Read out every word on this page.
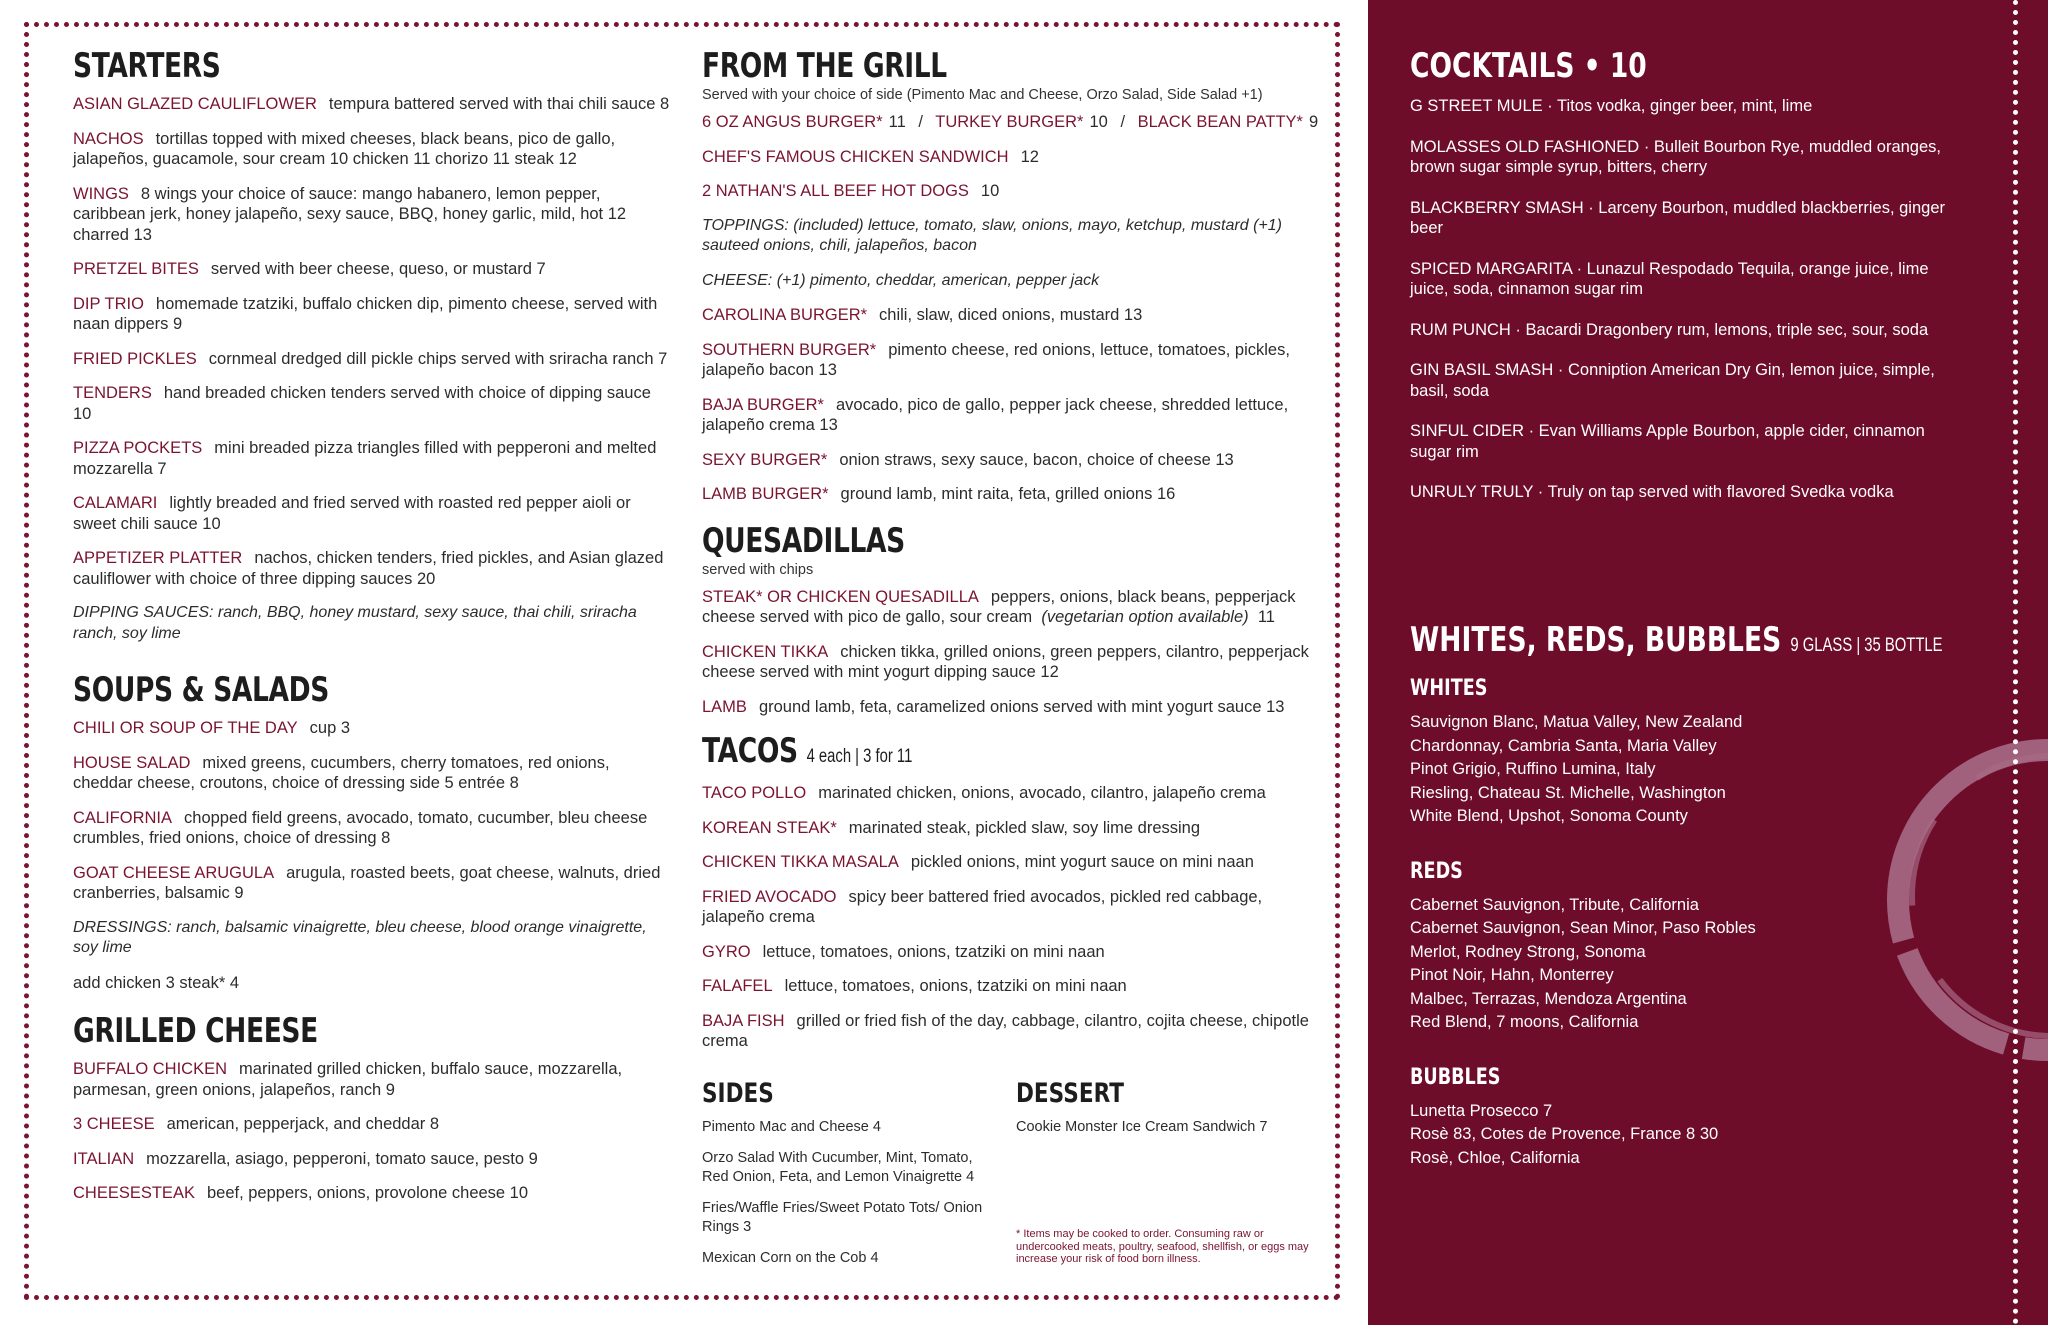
STARTERS

ASIAN GLAZED CAULIFLOWER tempura battered served with thai chili sauce 8

NACHOS tortillas topped with mixed cheeses, black beans, pico de gallo, jalapeños, guacamole, sour cream 10 chicken 11 chorizo 11 steak 12

WINGS 8 wings your choice of sauce: mango habanero, lemon pepper, caribbean jerk, honey jalapeño, sexy sauce, BBQ, honey garlic, mild, hot 12 charred 13

PRETZEL BITES served with beer cheese, queso, or mustard 7

DIP TRIO homemade tzatziki, buffalo chicken dip, pimento cheese, served with naan dippers 9

FRIED PICKLES cornmeal dredged dill pickle chips served with sriracha ranch 7

TENDERS hand breaded chicken tenders served with choice of dipping sauce 10

PIZZA POCKETS mini breaded pizza triangles filled with pepperoni and melted mozzarella 7

CALAMARI lightly breaded and fried served with roasted red pepper aioli or sweet chili sauce 10

APPETIZER PLATTER nachos, chicken tenders, fried pickles, and Asian glazed cauliflower with choice of three dipping sauces 20

DIPPING SAUCES: ranch, BBQ, honey mustard, sexy sauce, thai chili, sriracha ranch, soy lime

SOUPS & SALADS

CHILI OR SOUP OF THE DAY cup 3

HOUSE SALAD mixed greens, cucumbers, cherry tomatoes, red onions, cheddar cheese, croutons, choice of dressing side 5 entrée 8

CALIFORNIA chopped field greens, avocado, tomato, cucumber, bleu cheese crumbles, fried onions, choice of dressing 8

GOAT CHEESE ARUGULA arugula, roasted beets, goat cheese, walnuts, dried cranberries, balsamic 9

DRESSINGS: ranch, balsamic vinaigrette, bleu cheese, blood orange vinaigrette, soy lime

add chicken 3 steak* 4

GRILLED CHEESE

BUFFALO CHICKEN marinated grilled chicken, buffalo sauce, mozzarella, parmesan, green onions, jalapeños, ranch 9

3 CHEESE american, pepperjack, and cheddar 8

ITALIAN mozzarella, asiago, pepperoni, tomato sauce, pesto 9

CHEESESTEAK beef, peppers, onions, provolone cheese 10

FROM THE GRILL

Served with your choice of side (Pimento Mac and Cheese, Orzo Salad, Side Salad +1)

6 OZ ANGUS BURGER* 11 / TURKEY BURGER* 10 / BLACK BEAN PATTY* 9

CHEF'S FAMOUS CHICKEN SANDWICH 12

2 NATHAN'S ALL BEEF HOT DOGS 10

TOPPINGS: (included) lettuce, tomato, slaw, onions, mayo, ketchup, mustard (+1) sauteed onions, chili, jalapeños, bacon

CHEESE: (+1) pimento, cheddar, american, pepper jack

CAROLINA BURGER* chili, slaw, diced onions, mustard 13

SOUTHERN BURGER* pimento cheese, red onions, lettuce, tomatoes, pickles, jalapeño bacon 13

BAJA BURGER* avocado, pico de gallo, pepper jack cheese, shredded lettuce, jalapeño crema 13

SEXY BURGER* onion straws, sexy sauce, bacon, choice of cheese 13

LAMB BURGER* ground lamb, mint raita, feta, grilled onions 16

QUESADILLAS

served with chips

STEAK* OR CHICKEN QUESADILLA peppers, onions, black beans, pepperjack cheese served with pico de gallo, sour cream (vegetarian option available) 11

CHICKEN TIKKA chicken tikka, grilled onions, green peppers, cilantro, pepperjack cheese served with mint yogurt dipping sauce 12

LAMB ground lamb, feta, caramelized onions served with mint yogurt sauce 13

TACOS 4 each | 3 for 11

TACO POLLO marinated chicken, onions, avocado, cilantro, jalapeño crema

KOREAN STEAK* marinated steak, pickled slaw, soy lime dressing

CHICKEN TIKKA MASALA pickled onions, mint yogurt sauce on mini naan

FRIED AVOCADO spicy beer battered fried avocados, pickled red cabbage, jalapeño crema

GYRO lettuce, tomatoes, onions, tzatziki on mini naan

FALAFEL lettuce, tomatoes, onions, tzatziki on mini naan

BAJA FISH grilled or fried fish of the day, cabbage, cilantro, cojita cheese, chipotle crema

SIDES

Pimento Mac and Cheese 4

Orzo Salad With Cucumber, Mint, Tomato, Red Onion, Feta, and Lemon Vinaigrette 4

Fries/Waffle Fries/Sweet Potato Tots/ Onion Rings 3

Mexican Corn on the Cob 4

DESSERT

Cookie Monster Ice Cream Sandwich 7

* Items may be cooked to order. Consuming raw or undercooked meats, poultry, seafood, shellfish, or eggs may increase your risk of food born illness.
COCKTAILS • 10

G STREET MULE · Titos vodka, ginger beer, mint, lime

MOLASSES OLD FASHIONED · Bulleit Bourbon Rye, muddled oranges, brown sugar simple syrup, bitters, cherry

BLACKBERRY SMASH · Larceny Bourbon, muddled blackberries, ginger beer

SPICED MARGARITA · Lunazul Respodado Tequila, orange juice, lime juice, soda, cinnamon sugar rim

RUM PUNCH · Bacardi Dragonbery rum, lemons, triple sec, sour, soda

GIN BASIL SMASH · Conniption American Dry Gin, lemon juice, simple, basil, soda

SINFUL CIDER · Evan Williams Apple Bourbon, apple cider, cinnamon sugar rim

UNRULY TRULY · Truly on tap served with flavored Svedka vodka

WHITES, REDS, BUBBLES 9 GLASS | 35 BOTTLE
WHITES

Sauvignon Blanc, Matua Valley, New Zealand

Chardonnay, Cambria Santa, Maria Valley

Pinot Grigio, Ruffino Lumina, Italy

Riesling, Chateau St. Michelle, Washington

White Blend, Upshot, Sonoma County

REDS

Cabernet Sauvignon, Tribute, California

Cabernet Sauvignon, Sean Minor, Paso Robles

Merlot, Rodney Strong, Sonoma

Pinot Noir, Hahn, Monterrey

Malbec, Terrazas, Mendoza Argentina

Red Blend, 7 moons, California

BUBBLES

Lunetta Prosecco 7

Rosè 83, Cotes de Provence, France 8 30

Rosè, Chloe, California
